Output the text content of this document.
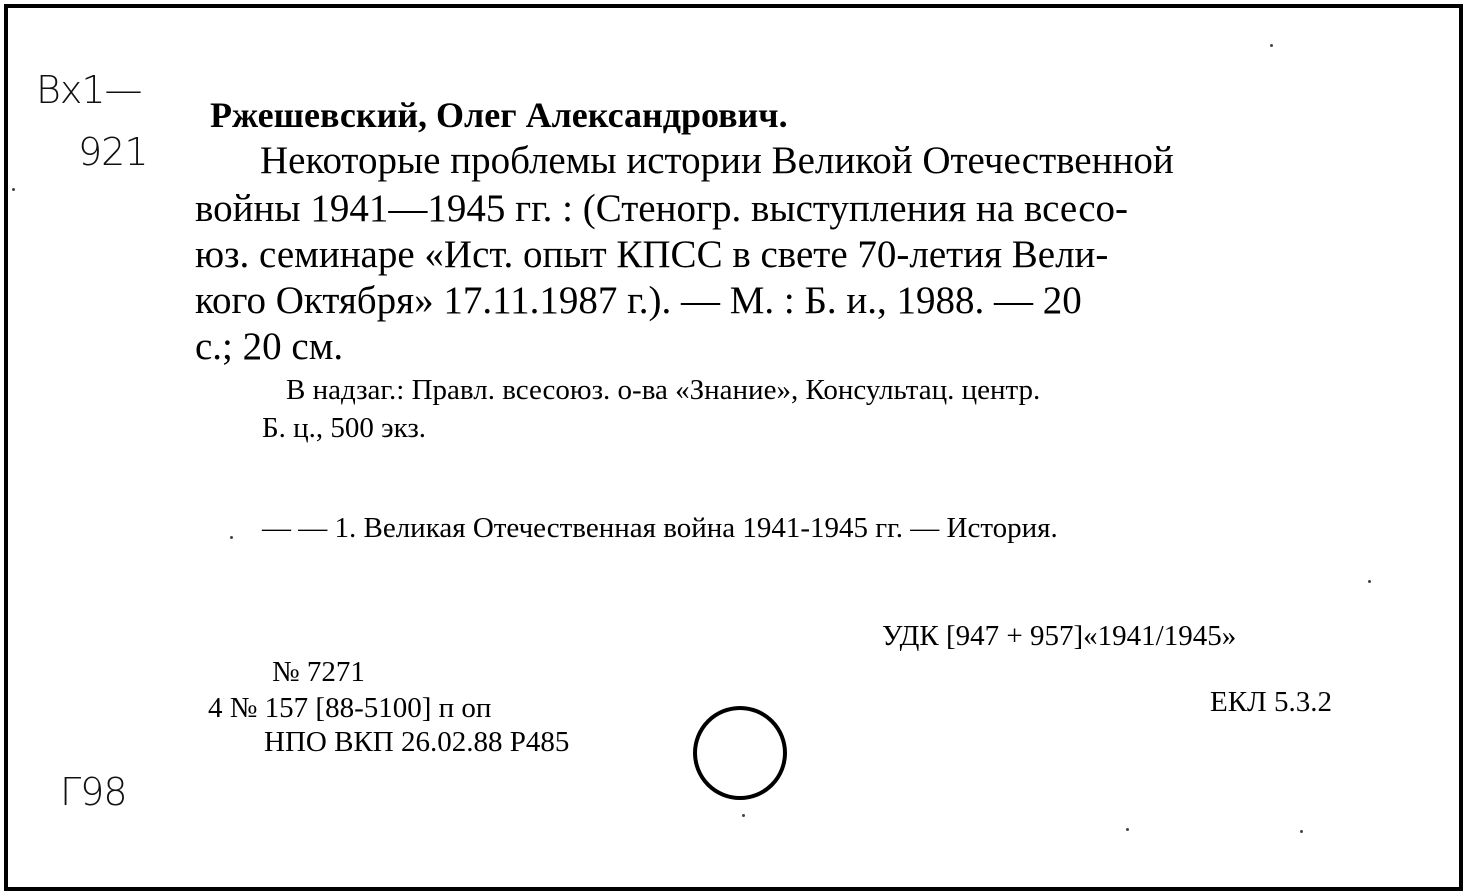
Вх1—
921
Г98
Ржешевский, Олег Александрович.
Некоторые проблемы истории Великой Отечественной
войны 1941—1945 гг. : (Стеногр. выступления на всесо-
юз. семинаре «Ист. опыт КПСС в свете 70-летия Вели-
кого Октября» 17.11.1987 г.). — М. : Б. и., 1988. — 20
с.; 20 см.
В надзаг.: Правл. всесоюз. о-ва «Знание», Консультац. центр.
Б. ц., 500 экз.
— — 1. Великая Отечественная война 1941-1945 гг. — История.
УДК [947 + 957]«1941/1945»
ЕКЛ 5.3.2
№ 7271
4 № 157 [88-5100] п оп
НПО ВКП 26.02.88 Р485
